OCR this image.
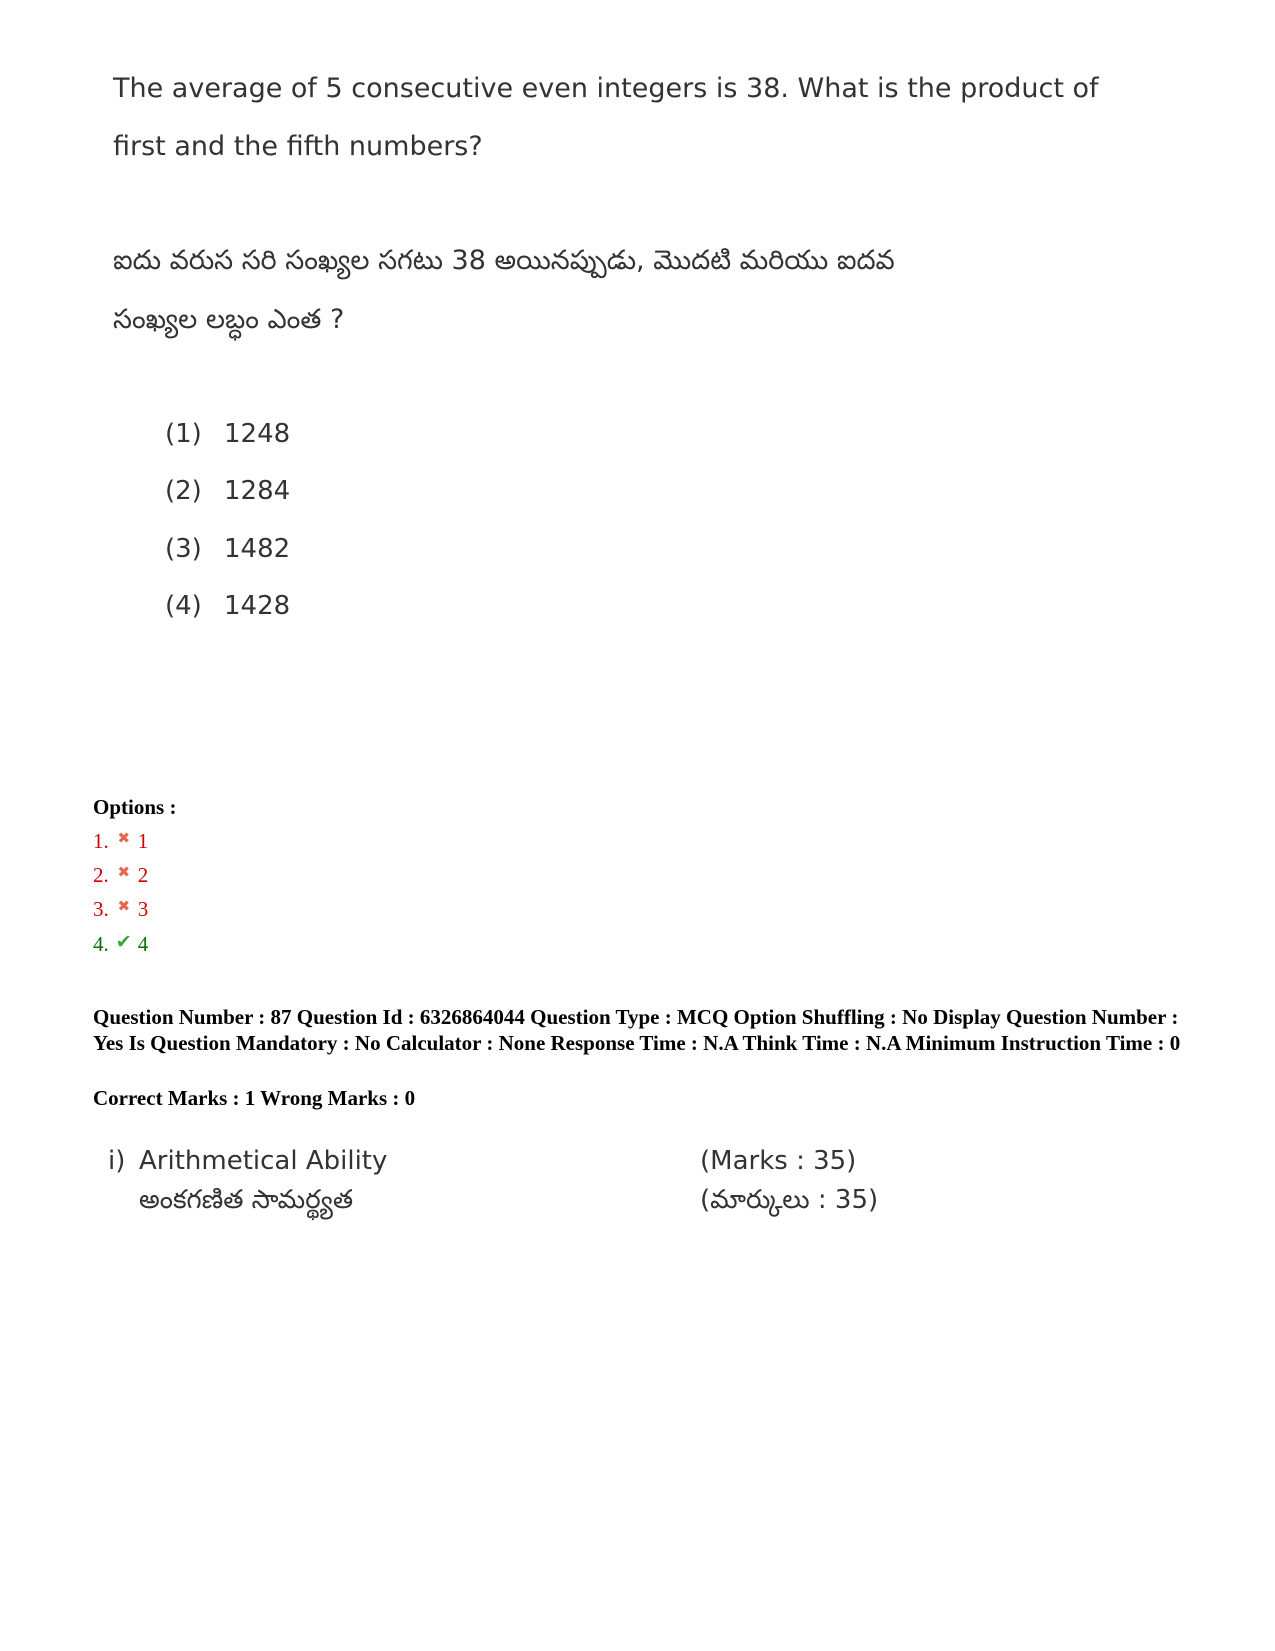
The average of 5 consecutive even integers is 38. What is the product of
first and the fifth numbers?
ఐదు వరుస సరి సంఖ్యల సగటు 38 అయినప్పుడు, మొదటి మరియు ఐదవ
సంఖ్యల లబ్ధం ఎంత ?
(1) 1248
(2) 1284
(3) 1482
(4) 1428
Options :
1. ✖ 1
2. ✖ 2
3. ✖ 3
4. ✔ 4
Question Number : 87 Question Id : 6326864044 Question Type : MCQ Option Shuffling : No Display Question Number : Yes Is Question Mandatory : No Calculator : None Response Time : N.A Think Time : N.A Minimum Instruction Time : 0
Correct Marks : 1 Wrong Marks : 0
i) Arithmetical Ability
అంకగణిత సామర్థ్యత
(Marks : 35)
(మార్కులు : 35)
